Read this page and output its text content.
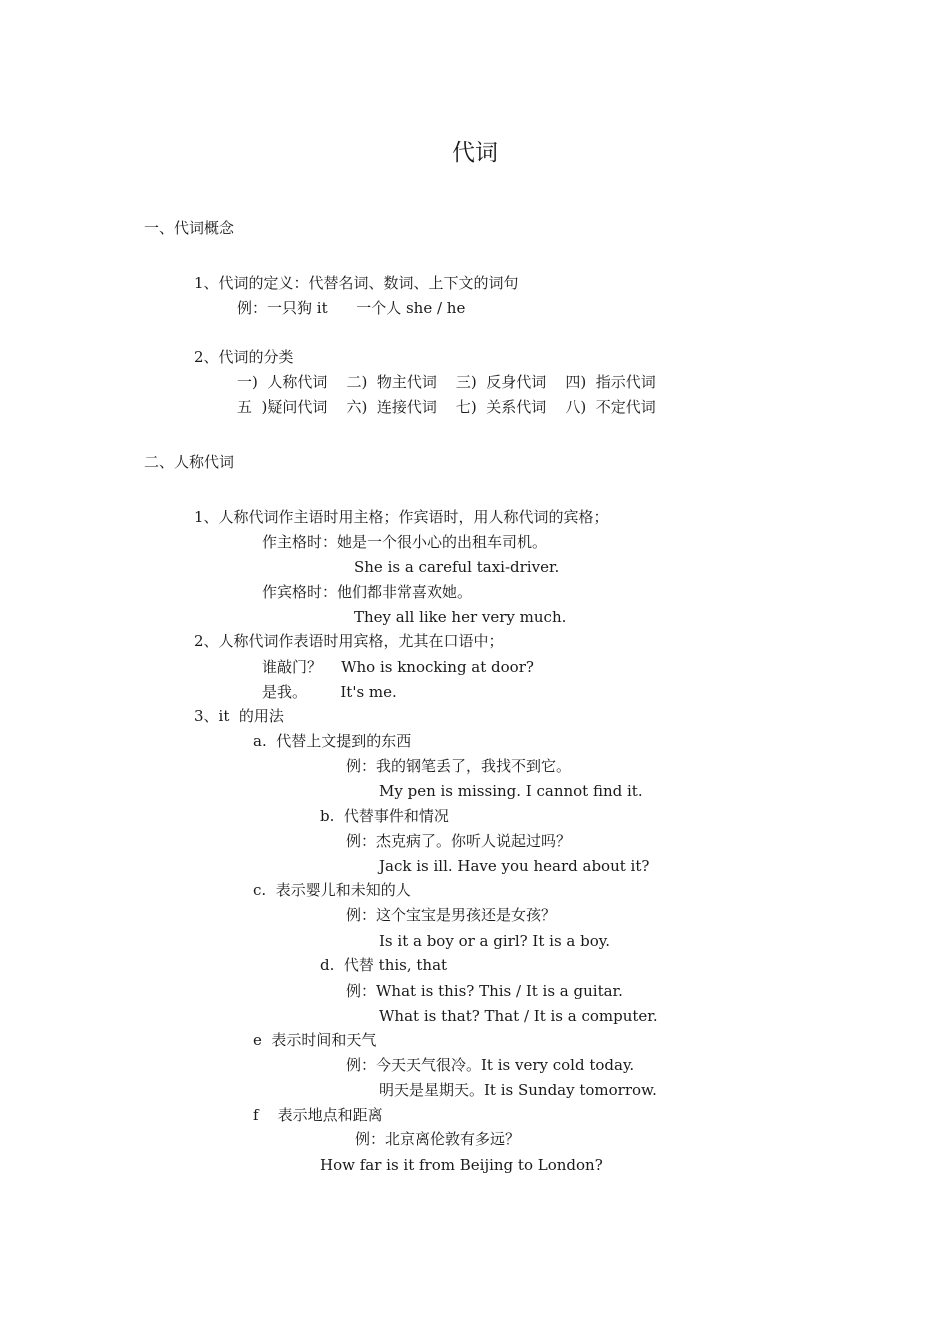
代词
一、代词概念
1、代词的定义：代替名词、数词、上下文的词句
例：一只狗 it      一个人 she / he
2、代词的分类
一)  人称代词    二)  物主代词    三)  反身代词    四)  指示代词
五  )疑问代词    六)  连接代词    七)  关系代词    八)  不定代词
二、人称代词
1、人称代词作主语时用主格；作宾语时，用人称代词的宾格；
作主格时：她是一个很小心的出租车司机。
She is a careful taxi-driver.
作宾格时：他们都非常喜欢她。
They all like her very much.
2、人称代词作表语时用宾格，尤其在口语中；
谁敲门？    Who is knocking at door?
是我。       It's me.
3、it  的用法
a.  代替上文提到的东西
例：我的钢笔丢了，我找不到它。
My pen is missing. I cannot find it.
b.  代替事件和情况
例：杰克病了。你听人说起过吗？
Jack is ill. Have you heard about it?
c.  表示婴儿和未知的人
例：这个宝宝是男孩还是女孩？
Is it a boy or a girl? It is a boy.
d.  代替 this, that
例：What is this? This / It is a guitar.
What is that? That / It is a computer.
e  表示时间和天气
例：今天天气很冷。It is very cold today.
明天是星期天。It is Sunday tomorrow.
f    表示地点和距离
例：北京离伦敦有多远？
How far is it from Beijing to London?
